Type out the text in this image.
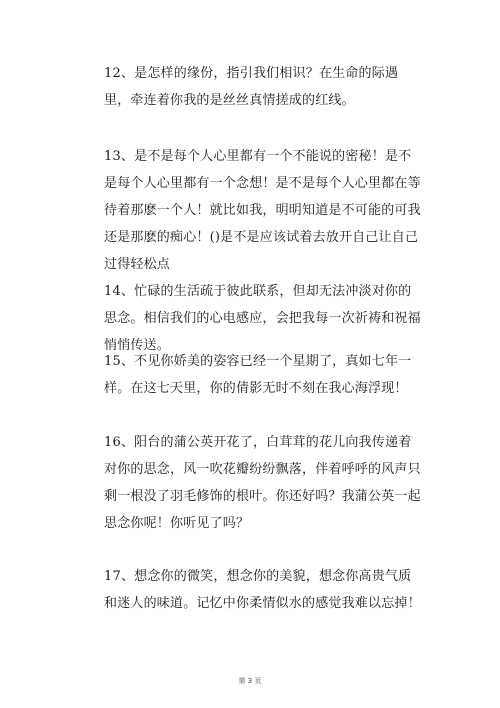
12、是怎样的缘份，指引我们相识？在生命的际遇里，牵连着你我的是丝丝真情搓成的红线。

13、是不是每个人心里都有一个不能说的密秘！是不是每个人心里都有一个念想！是不是每个人心里都在等待着那麽一个人！就比如我，明明知道是不可能的可我还是那麽的痴心！()是不是应该试着去放开自己让自己过得轻松点

14、忙碌的生活疏于彼此联系，但却无法冲淡对你的思念。相信我们的心电感应，会把我每一次祈祷和祝福悄悄传送。

15、不见你娇美的姿容已经一个星期了，真如七年一样。在这七天里，你的倩影无时不刻在我心海浮现！

16、阳台的蒲公英开花了，白茸茸的花儿向我传递着对你的思念，风一吹花瓣纷纷飘落，伴着呼呼的风声只剩一根没了羽毛修饰的根叶。你还好吗？我蒲公英一起思念你呢！你听见了吗？

17、想念你的微笑，想念你的美貌，想念你高贵气质和迷人的味道。记忆中你柔情似水的感觉我难以忘掉！

第 3 页
